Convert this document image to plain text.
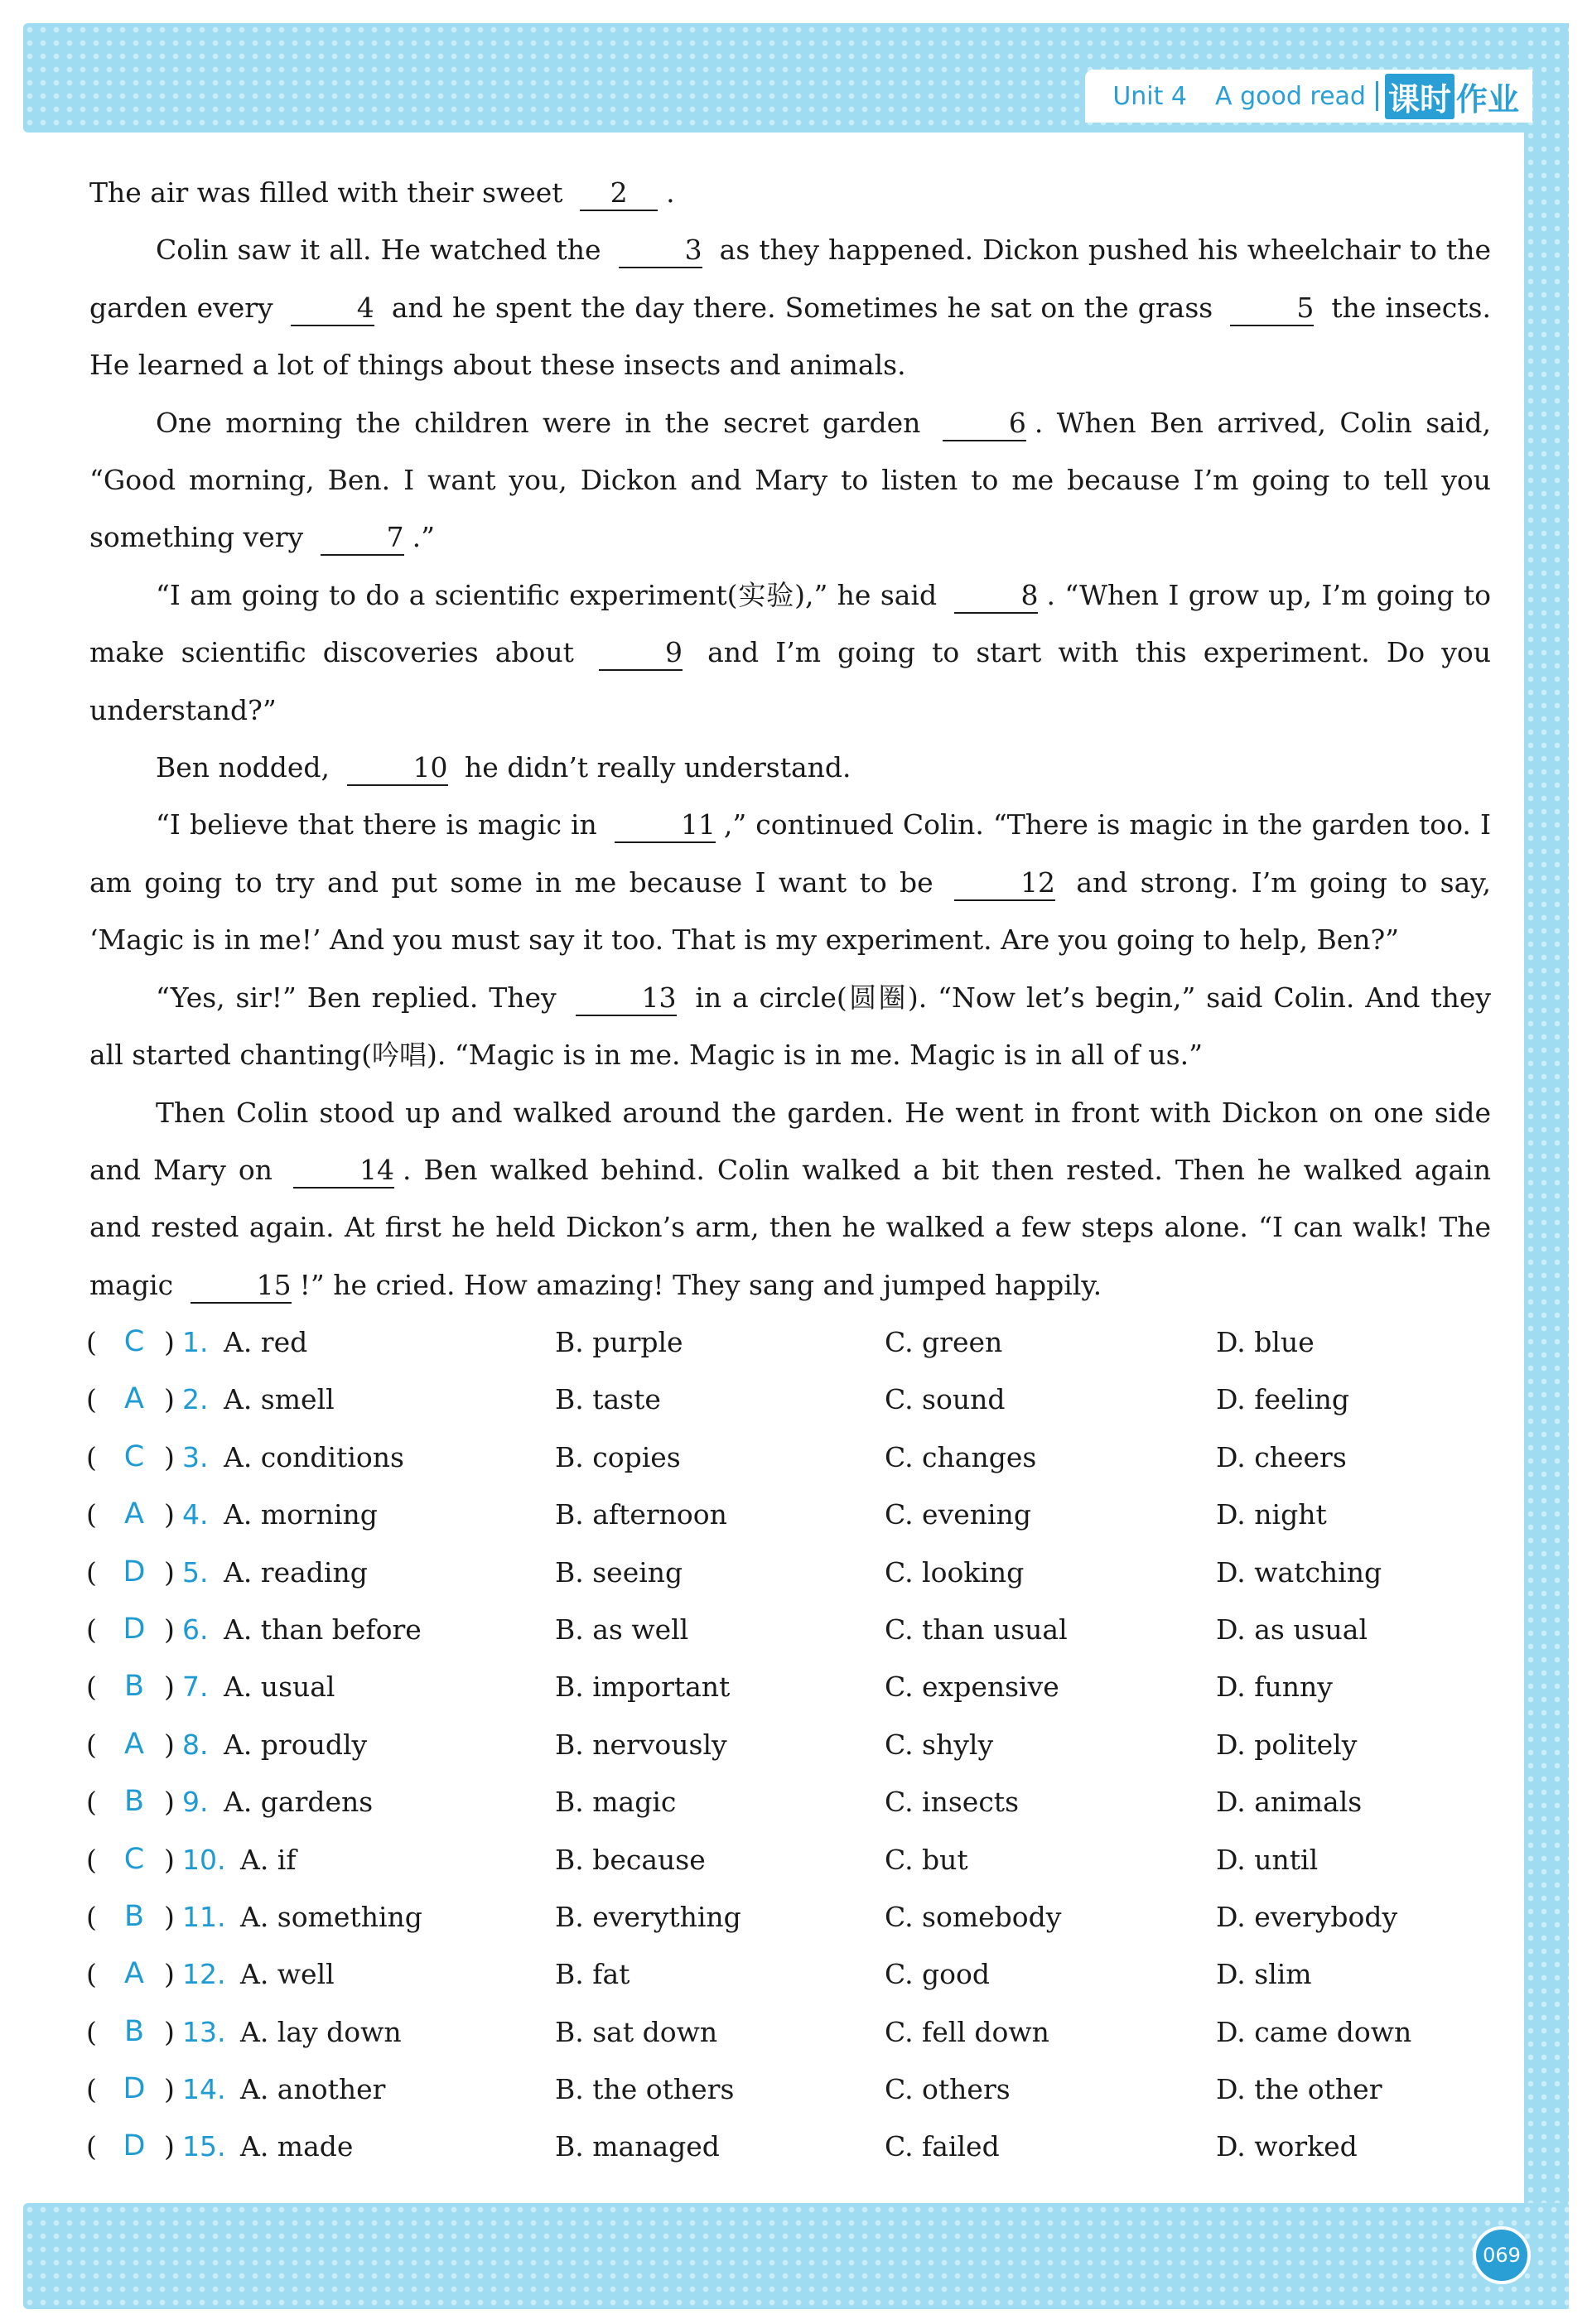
Unit 4 A good read 课时 作业

The air was filled with their sweet 2 .

Colin saw it all. He watched the	3 as they happened. Dickon pushed his wheelchair to the garden every	4 and he spent the day there. Sometimes he sat on the grass	5 the insects. He learned a lot of things about these insects and animals.

One morning the children were in the secret garden	6 . When Ben arrived, Colin said, “Good morning, Ben. I want you, Dickon and Mary to listen to me because I’m going to tell you something very	7 .”

“I am going to do a scientific experiment(实验),” he said	8 . “When I grow up, I’m going to make scientific discoveries about	9 and I’m going to start with this experiment. Do you understand?”

Ben nodded,	10 he didn’t really understand.

“I believe that there is magic in	11 ,” continued Colin. “There is magic in the garden too. I am going to try and put some in me because I want to be	12 and strong. I’m going to say, ‘Magic is in me!’ And you must say it too. That is my experiment. Are you going to help, Ben?”

“Yes, sir!” Ben replied. They	13 in a circle(圆圈). “Now let’s begin,” said Colin. And they all started chanting(吟唱). “Magic is in me. Magic is in me. Magic is in all of us.”

Then Colin stood up and walked around the garden. He went in front with Dickon on one side and Mary on	14 . Ben walked behind. Colin walked a bit then rested. Then he walked again and rested again. At first he held Dickon’s arm, then he walked a few steps alone. “I can walk! The magic	15 !” he cried. How amazing! They sang and jumped happily.

( C ) 1. A. red	B. purple	C. green	D. blue
( A ) 2. A. smell	B. taste	C. sound	D. feeling
( C ) 3. A. conditions	B. copies	C. changes	D. cheers
( A ) 4. A. morning	B. afternoon	C. evening	D. night
( D ) 5. A. reading	B. seeing	C. looking	D. watching
( D ) 6. A. than before	B. as well	C. than usual	D. as usual
( B ) 7. A. usual	B. important	C. expensive	D. funny
( A ) 8. A. proudly	B. nervously	C. shyly	D. politely
( B ) 9. A. gardens	B. magic	C. insects	D. animals
( C ) 10. A. if	B. because	C. but	D. until
( B ) 11. A. something	B. everything	C. somebody	D. everybody
( A ) 12. A. well	B. fat	C. good	D. slim
( B ) 13. A. lay down	B. sat down	C. fell down	D. came down
( D ) 14. A. another	B. the others	C. others	D. the other
( D ) 15. A. made	B. managed	C. failed	D. worked
069
